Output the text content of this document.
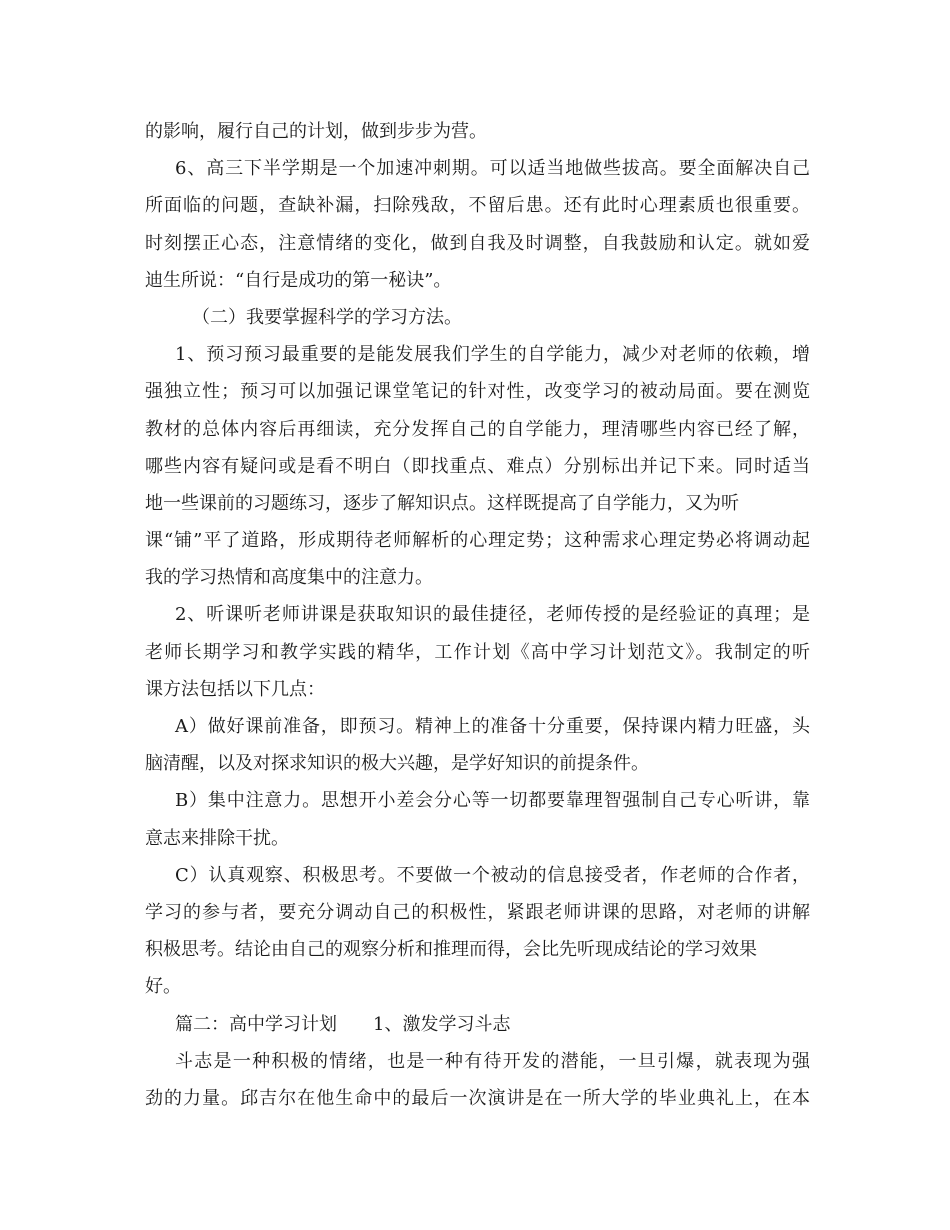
的影响，履行自己的计划，做到步步为营。
6、高三下半学期是一个加速冲刺期。可以适当地做些拔高。要全面解决自己
所面临的问题，查缺补漏，扫除残敌，不留后患。还有此时心理素质也很重要。
时刻摆正心态，注意情绪的变化，做到自我及时调整，自我鼓励和认定。就如爱
迪生所说：“自行是成功的第一秘诀”。
（二）我要掌握科学的学习方法。
1、预习预习最重要的是能发展我们学生的自学能力，减少对老师的依赖，增
强独立性；预习可以加强记课堂笔记的针对性，改变学习的被动局面。要在测览
教材的总体内容后再细读，充分发挥自己的自学能力，理清哪些内容已经了解，
哪些内容有疑问或是看不明白（即找重点、难点）分别标出并记下来。同时适当
地一些课前的习题练习，逐步了解知识点。这样既提高了自学能力，又为听
课“铺”平了道路，形成期待老师解析的心理定势；这种需求心理定势必将调动起
我的学习热情和高度集中的注意力。
2、听课听老师讲课是获取知识的最佳捷径，老师传授的是经验证的真理；是
老师长期学习和教学实践的精华，工作计划《高中学习计划范文》。我制定的听
课方法包括以下几点：
A）做好课前准备，即预习。精神上的准备十分重要，保持课内精力旺盛，头
脑清醒，以及对探求知识的极大兴趣，是学好知识的前提条件。
B）集中注意力。思想开小差会分心等一切都要靠理智强制自己专心听讲，靠
意志来排除干扰。
C）认真观察、积极思考。不要做一个被动的信息接受者，作老师的合作者，
学习的参与者，要充分调动自己的积极性，紧跟老师讲课的思路，对老师的讲解
积极思考。结论由自己的观察分析和推理而得，会比先听现成结论的学习效果
好。
篇二：高中学习计划　　1、激发学习斗志
斗志是一种积极的情绪，也是一种有待开发的潜能，一旦引爆，就表现为强
劲的力量。邱吉尔在他生命中的最后一次演讲是在一所大学的毕业典礼上，在本
